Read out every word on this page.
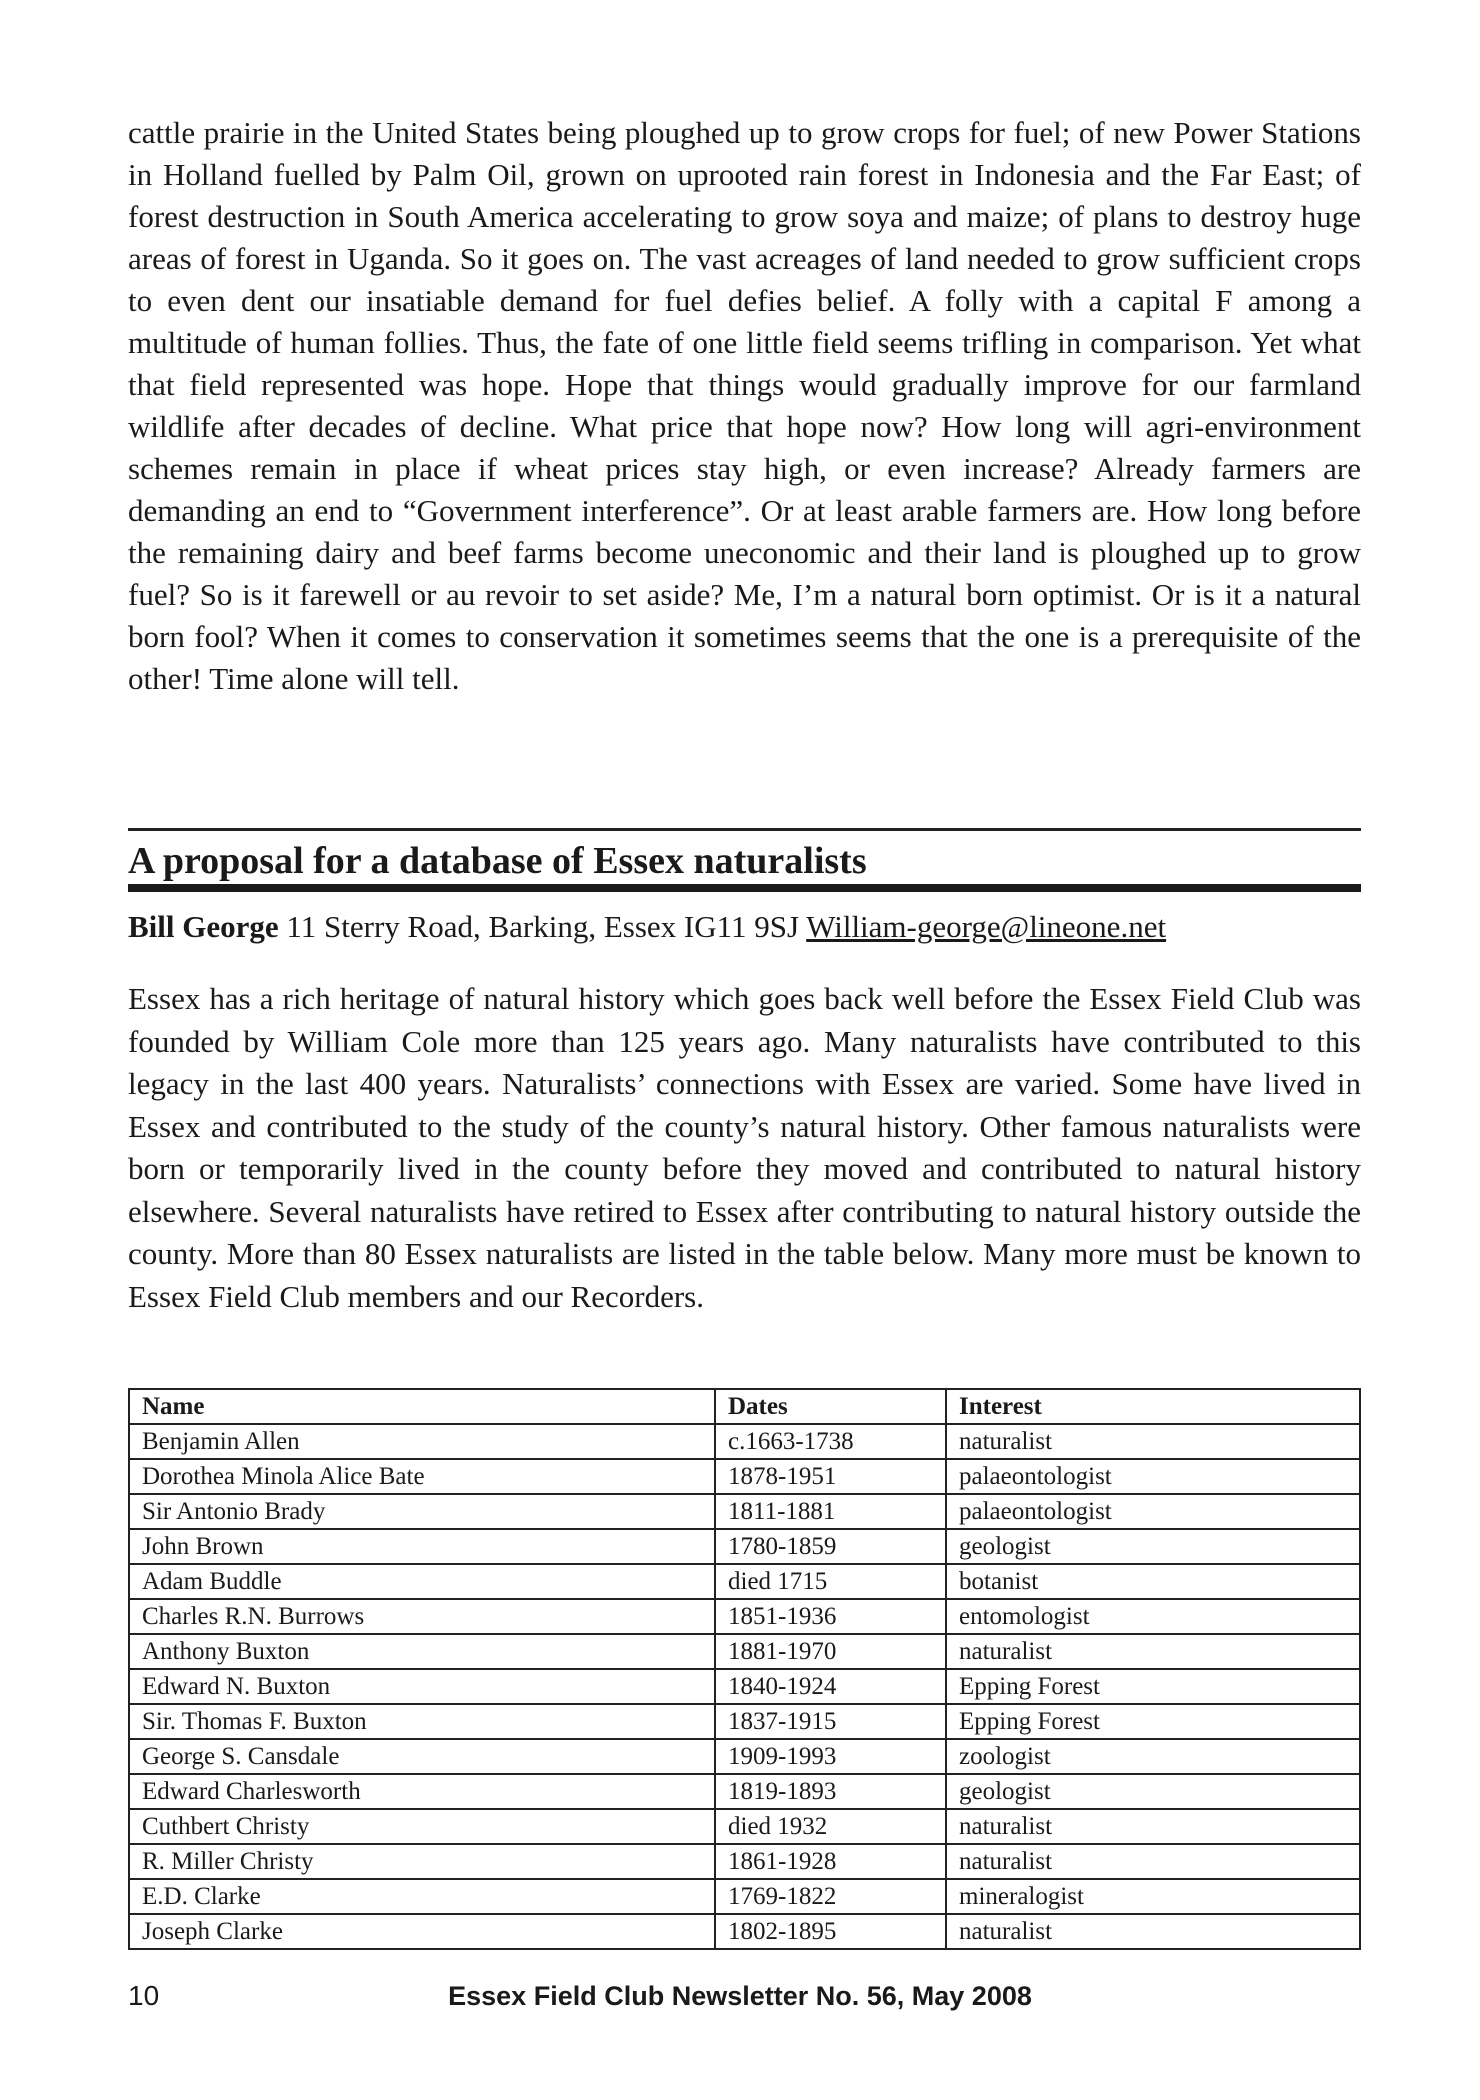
cattle prairie in the United States being ploughed up to grow crops for fuel; of new Power Stations in Holland fuelled by Palm Oil, grown on uprooted rain forest in Indonesia and the Far East; of forest destruction in South America accelerating to grow soya and maize; of plans to destroy huge areas of forest in Uganda. So it goes on. The vast acreages of land needed to grow sufficient crops to even dent our insatiable demand for fuel defies belief. A folly with a capital F among a multitude of human follies. Thus, the fate of one little field seems trifling in comparison. Yet what that field represented was hope. Hope that things would gradually improve for our farmland wildlife after decades of decline. What price that hope now? How long will agri-environment schemes remain in place if wheat prices stay high, or even increase? Already farmers are demanding an end to “Government interference”. Or at least arable farmers are. How long before the remaining dairy and beef farms become uneconomic and their land is ploughed up to grow fuel? So is it farewell or au revoir to set aside? Me, I’m a natural born optimist. Or is it a natural born fool? When it comes to conservation it sometimes seems that the one is a prerequisite of the other! Time alone will tell.

A proposal for a database of Essex naturalists
Bill George 11 Sterry Road, Barking, Essex IG11 9SJ William-george@lineone.net

Essex has a rich heritage of natural history which goes back well before the Essex Field Club was founded by William Cole more than 125 years ago. Many naturalists have contributed to this legacy in the last 400 years. Naturalists’ connections with Essex are varied. Some have lived in Essex and contributed to the study of the county’s natural history. Other famous naturalists were born or temporarily lived in the county before they moved and contributed to natural history elsewhere. Several naturalists have retired to Essex after contributing to natural history outside the county. More than 80 Essex naturalists are listed in the table below. Many more must be known to Essex Field Club members and our Recorders.

Name	Dates	Interest
Benjamin Allen	c.1663-1738	naturalist
Dorothea Minola Alice Bate	1878-1951	palaeontologist
Sir Antonio Brady	1811-1881	palaeontologist
John Brown	1780-1859	geologist
Adam Buddle	died 1715	botanist
Charles R.N. Burrows	1851-1936	entomologist
Anthony Buxton	1881-1970	naturalist
Edward N. Buxton	1840-1924	Epping Forest
Sir. Thomas F. Buxton	1837-1915	Epping Forest
George S. Cansdale	1909-1993	zoologist
Edward Charlesworth	1819-1893	geologist
Cuthbert Christy	died 1932	naturalist
R. Miller Christy	1861-1928	naturalist
E.D. Clarke	1769-1822	mineralogist
Joseph Clarke	1802-1895	naturalist
10	Essex Field Club Newsletter No. 56, May 2008
